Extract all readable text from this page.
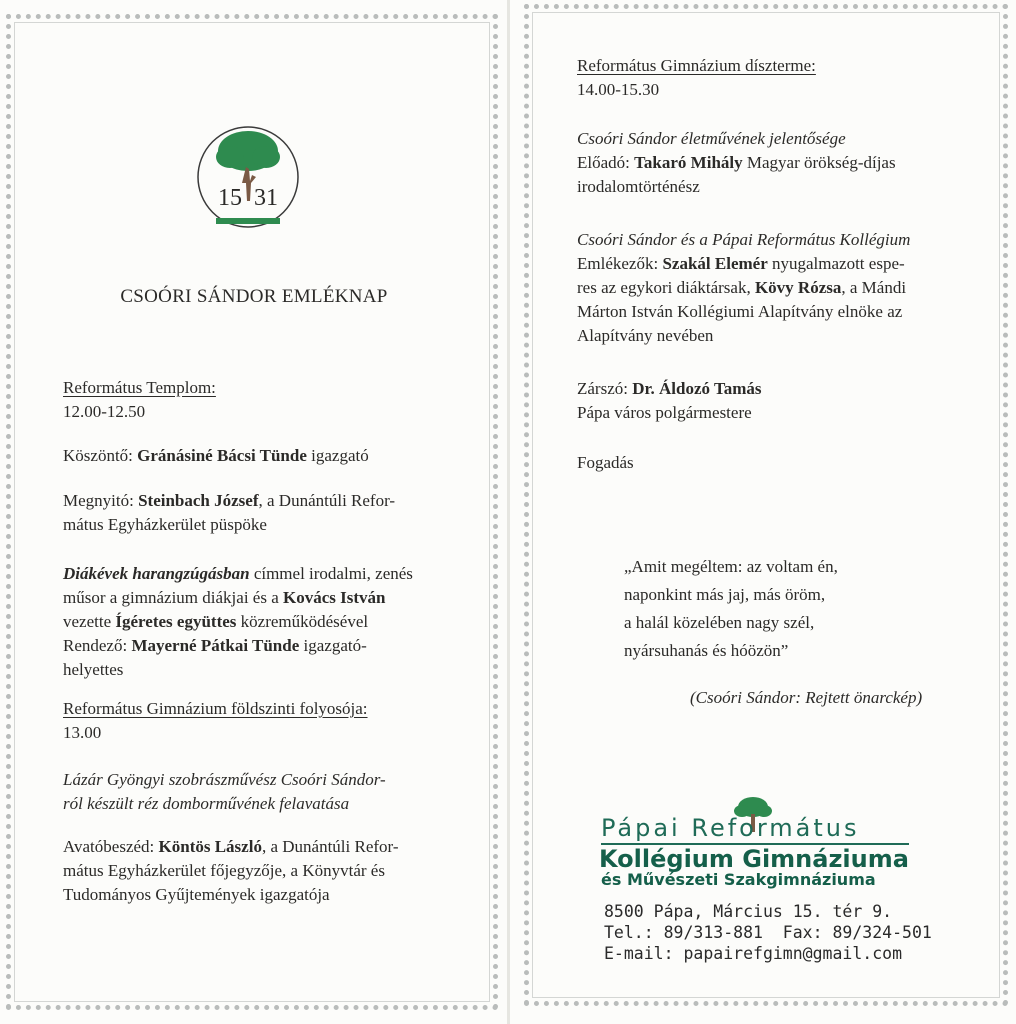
15 31
CSOÓRI SÁNDOR EMLÉKNAP
Református Templom:
12.00-12.50
Köszöntő: Gránásiné Bácsi Tünde igazgató
Megnyitó: Steinbach József, a Dunántúli Refor-
mátus Egyházkerület püspöke
Diákévek harangzúgásban címmel irodalmi, zenés
műsor a gimnázium diákjai és a Kovács István
vezette Ígéretes együttes közreműködésével
Rendező: Mayerné Pátkai Tünde igazgató-
helyettes
Református Gimnázium földszinti folyosója:
13.00
Lázár Gyöngyi szobrászművész Csoóri Sándor-
ról készült réz domborművének felavatása
Avatóbeszéd: Köntös László, a Dunántúli Refor-
mátus Egyházkerület főjegyzője, a Könyvtár és
Tudományos Gyűjtemények igazgatója
Református Gimnázium díszterme:
14.00-15.30
Csoóri Sándor életművének jelentősége
Előadó: Takaró Mihály Magyar örökség-díjas
irodalomtörténész
Csoóri Sándor és a Pápai Református Kollégium
Emlékezők: Szakál Elemér nyugalmazott espe-
res az egykori diáktársak, Kövy Rózsa, a Mándi
Márton István Kollégiumi Alapítvány elnöke az
Alapítvány nevében
Zárszó: Dr. Áldozó Tamás
Pápa város polgármestere
Fogadás
„Amit megéltem: az voltam én,
naponkint más jaj, más öröm,
a halál közelében nagy szél,
nyársuhanás és hóözön”
(Csoóri Sándor: Rejtett önarckép)
Pápai Református
Kollégium Gimnáziuma
és Művészeti Szakgimnáziuma
8500 Pápa, Március 15. tér 9.
Tel.: 89/313-881  Fax: 89/324-501
E-mail: papairefgimn@gmail.com
